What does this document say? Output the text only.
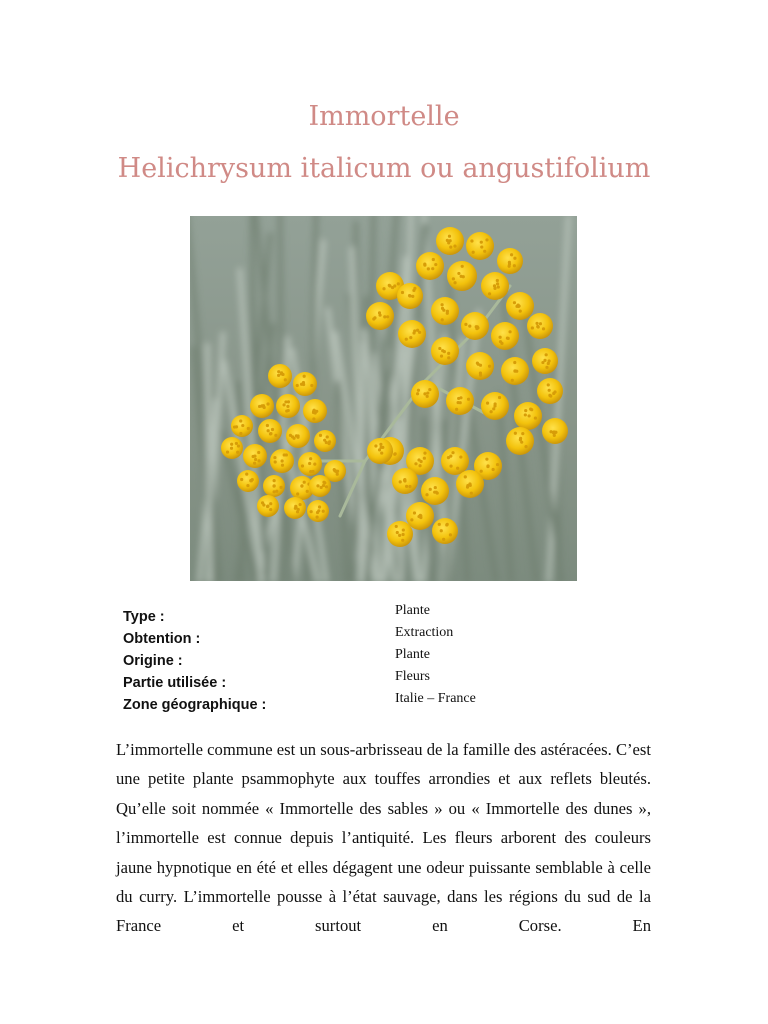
Immortelle
Helichrysum italicum ou angustifolium
Type :
Obtention :
Origine :
Partie utilisée :
Zone géographique :
Plante
Extraction
Plante
Fleurs
Italie – France

L’immortelle commune est un sous-arbrisseau de la famille des astéracées. C’est une petite plante psammophyte aux touffes arrondies et aux reflets bleutés. Qu’elle soit nommée « Immortelle des sables » ou « Immortelle des dunes », l’immortelle est connue depuis l’antiquité. Les fleurs arborent des couleurs jaune hypnotique en été et elles dégagent une odeur puissante semblable à celle du curry. L’immortelle pousse à l’état sauvage, dans les régions du sud de la France et surtout en Corse. En
